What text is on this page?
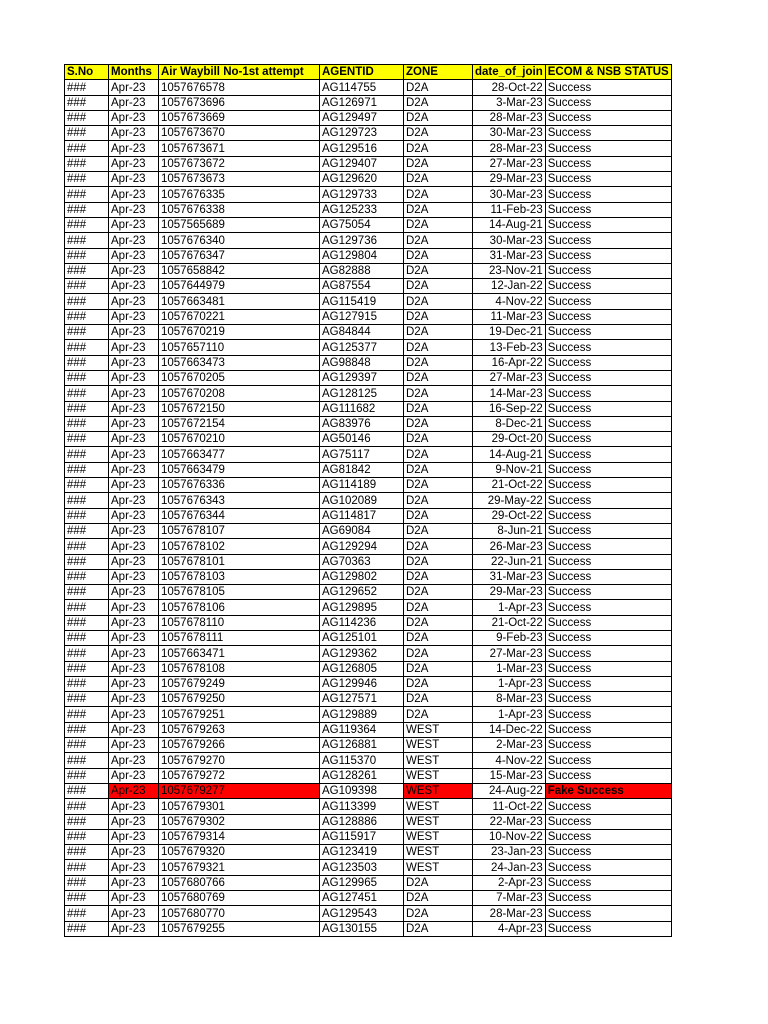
S.No	Months	Air Waybill No-1st attempt	AGENTID	ZONE	date_of_join	ECOM & NSB STATUS
###	Apr-23	1057676578	AG114755	D2A	28-Oct-22	Success
###	Apr-23	1057673696	AG126971	D2A	3-Mar-23	Success
###	Apr-23	1057673669	AG129497	D2A	28-Mar-23	Success
###	Apr-23	1057673670	AG129723	D2A	30-Mar-23	Success
###	Apr-23	1057673671	AG129516	D2A	28-Mar-23	Success
###	Apr-23	1057673672	AG129407	D2A	27-Mar-23	Success
###	Apr-23	1057673673	AG129620	D2A	29-Mar-23	Success
###	Apr-23	1057676335	AG129733	D2A	30-Mar-23	Success
###	Apr-23	1057676338	AG125233	D2A	11-Feb-23	Success
###	Apr-23	1057565689	AG75054	D2A	14-Aug-21	Success
###	Apr-23	1057676340	AG129736	D2A	30-Mar-23	Success
###	Apr-23	1057676347	AG129804	D2A	31-Mar-23	Success
###	Apr-23	1057658842	AG82888	D2A	23-Nov-21	Success
###	Apr-23	1057644979	AG87554	D2A	12-Jan-22	Success
###	Apr-23	1057663481	AG115419	D2A	4-Nov-22	Success
###	Apr-23	1057670221	AG127915	D2A	11-Mar-23	Success
###	Apr-23	1057670219	AG84844	D2A	19-Dec-21	Success
###	Apr-23	1057657110	AG125377	D2A	13-Feb-23	Success
###	Apr-23	1057663473	AG98848	D2A	16-Apr-22	Success
###	Apr-23	1057670205	AG129397	D2A	27-Mar-23	Success
###	Apr-23	1057670208	AG128125	D2A	14-Mar-23	Success
###	Apr-23	1057672150	AG111682	D2A	16-Sep-22	Success
###	Apr-23	1057672154	AG83976	D2A	8-Dec-21	Success
###	Apr-23	1057670210	AG50146	D2A	29-Oct-20	Success
###	Apr-23	1057663477	AG75117	D2A	14-Aug-21	Success
###	Apr-23	1057663479	AG81842	D2A	9-Nov-21	Success
###	Apr-23	1057676336	AG114189	D2A	21-Oct-22	Success
###	Apr-23	1057676343	AG102089	D2A	29-May-22	Success
###	Apr-23	1057676344	AG114817	D2A	29-Oct-22	Success
###	Apr-23	1057678107	AG69084	D2A	8-Jun-21	Success
###	Apr-23	1057678102	AG129294	D2A	26-Mar-23	Success
###	Apr-23	1057678101	AG70363	D2A	22-Jun-21	Success
###	Apr-23	1057678103	AG129802	D2A	31-Mar-23	Success
###	Apr-23	1057678105	AG129652	D2A	29-Mar-23	Success
###	Apr-23	1057678106	AG129895	D2A	1-Apr-23	Success
###	Apr-23	1057678110	AG114236	D2A	21-Oct-22	Success
###	Apr-23	1057678111	AG125101	D2A	9-Feb-23	Success
###	Apr-23	1057663471	AG129362	D2A	27-Mar-23	Success
###	Apr-23	1057678108	AG126805	D2A	1-Mar-23	Success
###	Apr-23	1057679249	AG129946	D2A	1-Apr-23	Success
###	Apr-23	1057679250	AG127571	D2A	8-Mar-23	Success
###	Apr-23	1057679251	AG129889	D2A	1-Apr-23	Success
###	Apr-23	1057679263	AG119364	WEST	14-Dec-22	Success
###	Apr-23	1057679266	AG126881	WEST	2-Mar-23	Success
###	Apr-23	1057679270	AG115370	WEST	4-Nov-22	Success
###	Apr-23	1057679272	AG128261	WEST	15-Mar-23	Success
###	Apr-23	1057679277	AG109398	WEST	24-Aug-22	Fake Success
###	Apr-23	1057679301	AG113399	WEST	11-Oct-22	Success
###	Apr-23	1057679302	AG128886	WEST	22-Mar-23	Success
###	Apr-23	1057679314	AG115917	WEST	10-Nov-22	Success
###	Apr-23	1057679320	AG123419	WEST	23-Jan-23	Success
###	Apr-23	1057679321	AG123503	WEST	24-Jan-23	Success
###	Apr-23	1057680766	AG129965	D2A	2-Apr-23	Success
###	Apr-23	1057680769	AG127451	D2A	7-Mar-23	Success
###	Apr-23	1057680770	AG129543	D2A	28-Mar-23	Success
###	Apr-23	1057679255	AG130155	D2A	4-Apr-23	Success
